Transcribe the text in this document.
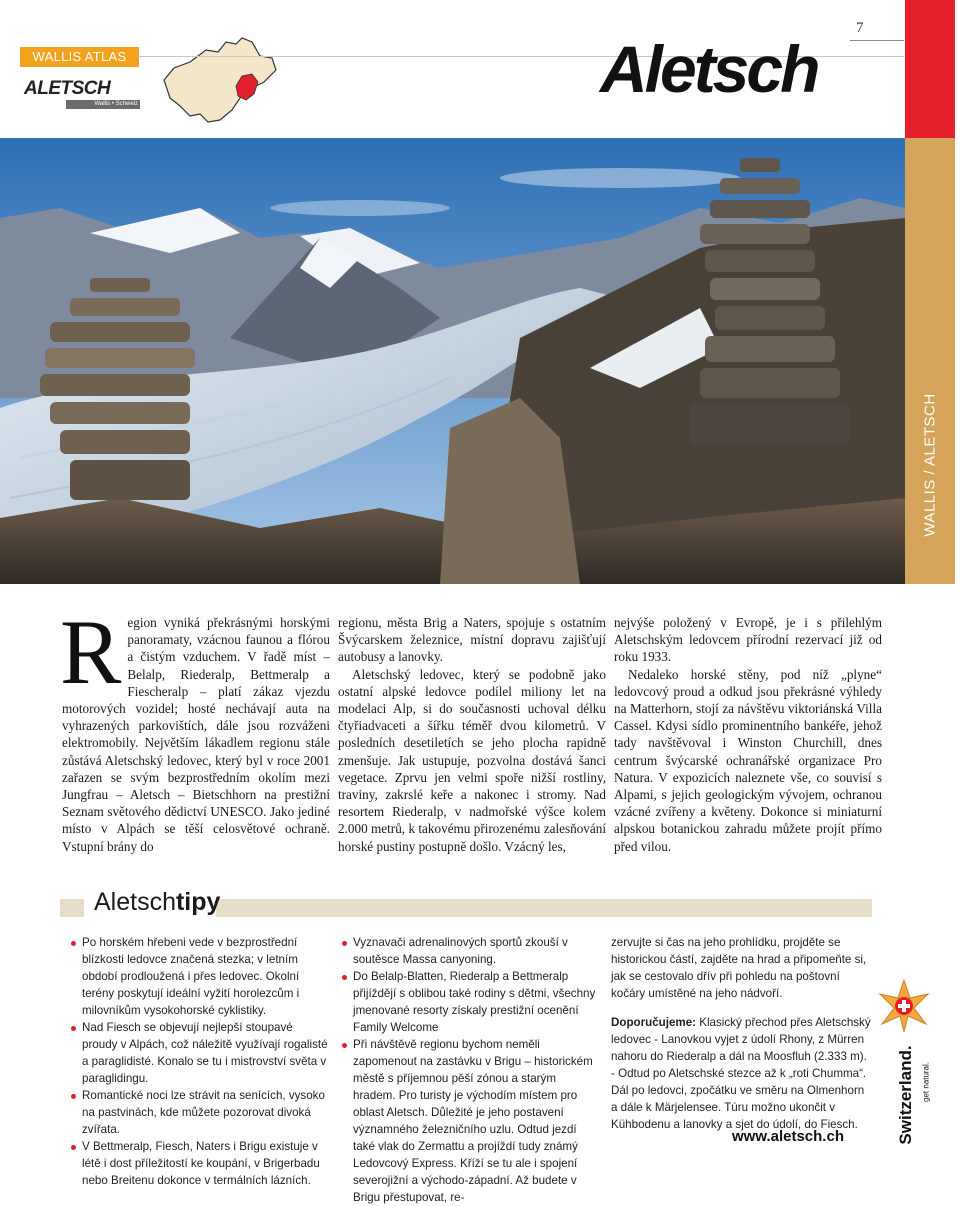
WALLIS ATLAS
ALETSCH
Wallis • Schweiz	Aletsch
7
WALLIS / ALETSCH

Region vyniká překrásnými horskými panoramaty, vzácnou faunou a flórou a čistým vzduchem. V řadě míst – Belalp, Riederalp, Bettmeralp a Fiescheralp – platí zákaz vjezdu motorových vozidel; hosté nechávají auta na vyhrazených parkovištích, dále jsou rozváženi elektromobily. Největším lákadlem regionu stále zůstává Aletschský ledovec, který byl v roce 2001 zařazen se svým bezprostředním okolím mezi Jungfrau – Aletsch – Bietschhorn na prestižní Seznam světového dědictví UNESCO. Jako jediné místo v Alpách se těší celosvětové ochraně. Vstupní brány do

regionu, města Brig a Naters, spojuje s ostatním Švýcarskem železnice, místní dopravu zajišťují autobusy a lanovky.

Aletschský ledovec, který se podobně jako ostatní alpské ledovce podílel miliony let na modelaci Alp, si do současnosti uchoval délku čtyřiadvaceti a šířku téměř dvou kilometrů. V posledních desetiletích se jeho plocha rapidně zmenšuje. Jak ustupuje, pozvolna dostává šanci vegetace. Zprvu jen velmi spoře nižší rostliny, traviny, zakrslé keře a nakonec i stromy. Nad resortem Riederalp, v nadmořské výšce kolem 2.000 metrů, k takovému přirozenému zalesňování horské pustiny postupně došlo. Vzácný les,

nejvýše položený v Evropě, je i s přilehlým Aletschským ledovcem přírodní rezervací již od roku 1933.

Nedaleko horské stěny, pod níž „plyne“ ledovcový proud a odkud jsou překrásné výhledy na Matterhorn, stojí za návštěvu viktoriánská Villa Cassel. Kdysi sídlo prominentního bankéře, jehož tady navštěvoval i Winston Churchill, dnes centrum švýcarské ochranářské organizace Pro Natura. V expozicích naleznete vše, co souvisí s Alpami, s jejich geologickým vývojem, ochranou vzácné zvířeny a květeny. Dokonce si miniaturní alpskou botanickou zahradu můžete projít přímo před vilou.

Aletschtipy

Po horském hřebeni vede v bezprostřední blízkosti ledovce značená stezka; v letním období prodloužená i přes ledovec. Okolní terény poskytují ideální vyžití horolezcům i milovníkům vysokohorské cyklistiky.

Nad Fiesch se objevují nejlepší stoupavé proudy v Alpách, což náležitě využívají rogalisté a paraglidisté. Konalo se tu i mistrovství světa v paraglidingu.

Romantické noci lze strávit na senících, vysoko na pastvinách, kde můžete pozorovat divoká zvířata.

V Bettmeralp, Fiesch, Naters i Brigu existuje v létě i dost příležitostí ke koupání, v Brigerbadu nebo Breitenu dokonce v termálních lázních.

Vyznavači adrenalinových sportů zkouší v soutěsce Massa canyoning.

Do Belalp-Blatten, Riederalp a Bettmeralp přijíždějí s oblibou také rodiny s dětmi, všechny jmenované resorty získaly prestižní ocenění Family Welcome

Při návštěvě regionu bychom neměli zapomenout na zastávku v Brigu – historickém městě s příjemnou pěší zónou a starým hradem. Pro turisty je východím místem pro oblast Aletsch. Důležité je jeho postavení významného železničního uzlu. Odtud jezdí také vlak do Zermattu a projíždí tudy známý Ledovcový Express. Kříží se tu ale i spojení severojižní a východo-západní. Až budete v Brigu přestupovat, re-

zervujte si čas na jeho prohlídku, projděte se historickou částí, zajděte na hrad a připomeňte si, jak se cestovalo dřív při pohledu na poštovní kočáry umístěné na jeho nádvoří.

Doporučujeme: Klasický přechod přes Aletschský ledovec - Lanovkou vyjet z údolí Rhony, z Mürren nahoru do Riederalp a dál na Moosfluh (2.333 m).

- Odtud po Aletschské stezce až k „roti Chumma“. Dál po ledovci, zpočátku ve směru na Olmenhorn a dále k Märjelensee. Túru možno ukončit v Kühbodenu a lanovky a sjet do údolí, do Fiesch.

www.aletsch.ch	Switzerland. get natural.
